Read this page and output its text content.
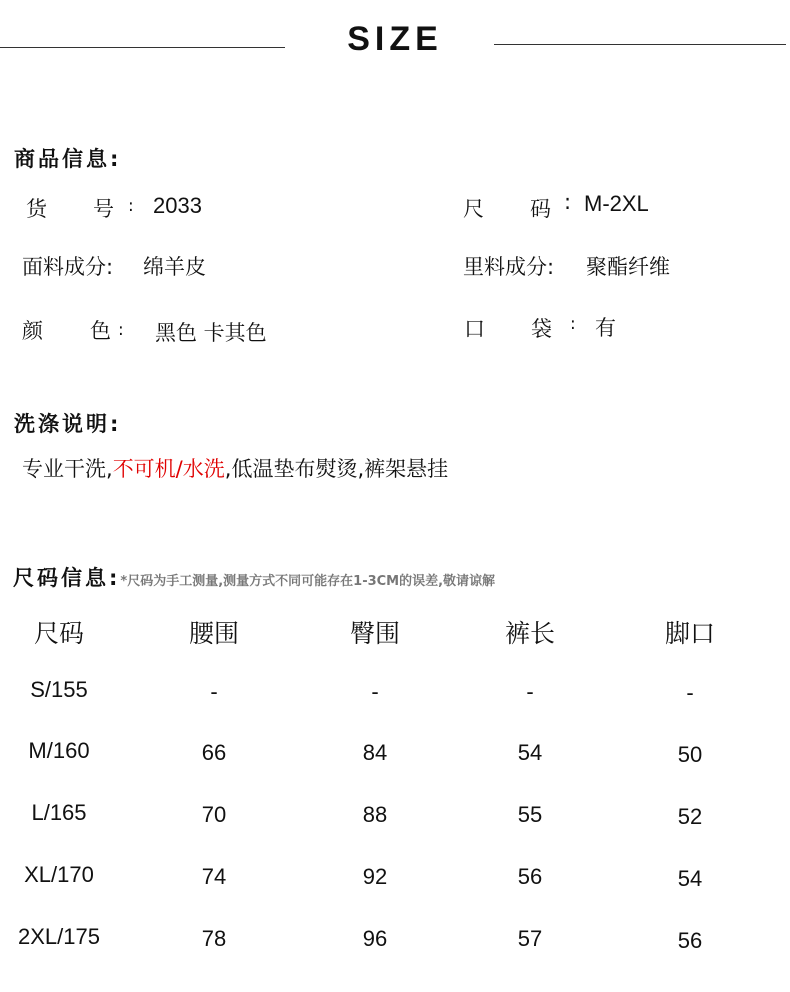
SIZE
商品信息:
货 号 : 2033	尺 码 : M-2XL
面料成分: 绵羊皮	里料成分: 聚酯纤维
颜 色 : 黑色 卡其色	口 袋 : 有
洗涤说明:
专业干洗,不可机/水洗,低温垫布熨烫,裤架悬挂
尺码信息:*尺码为手工测量,测量方式不同可能存在1-3CM的误差,敬请谅解
尺码	腰围	臀围	裤长	脚口
S/155	-	-	-	-
M/160	66	84	54	50
L/165	70	88	55	52
XL/170	74	92	56	54
2XL/175	78	96	57	56
